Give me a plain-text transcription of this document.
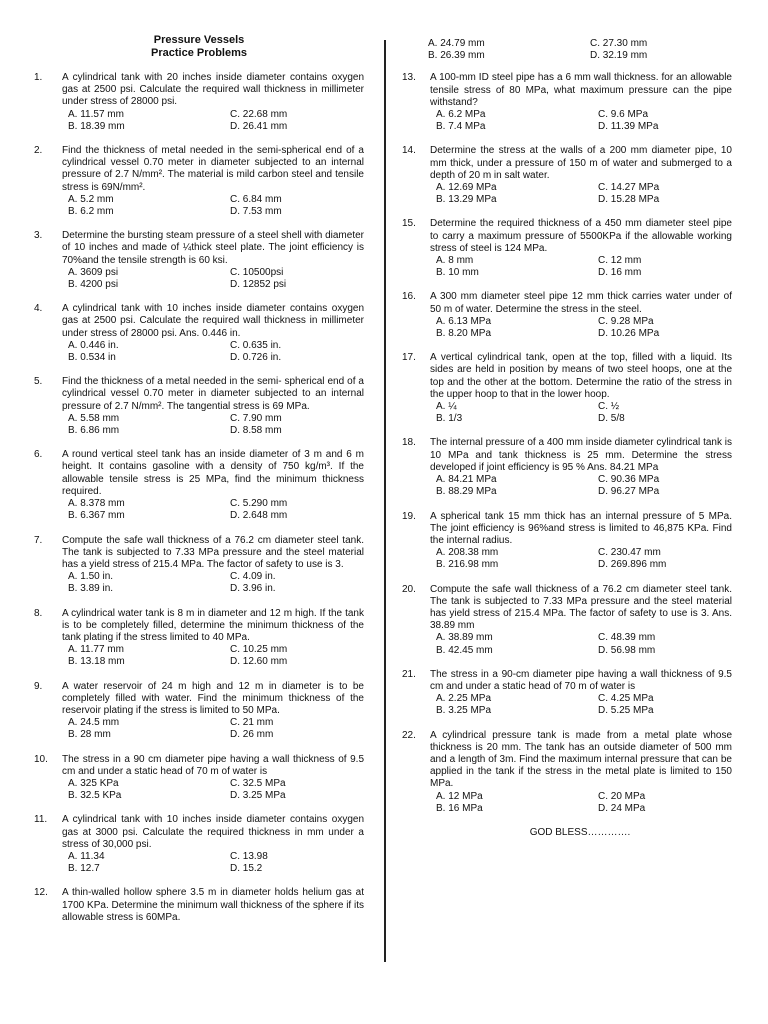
Pressure Vessels
Practice Problems
1.	A cylindrical tank with 20 inches inside diameter contains oxygen gas at 2500 psi. Calculate the required wall thickness in millimeter under stress of 28000 psi.
A. 11.57 mm	C. 22.68 mm
B. 18.39 mm	D. 26.41 mm
2.	Find the thickness of metal needed in the semi-spherical end of a cylindrical vessel 0.70 meter in diameter subjected to an internal pressure of 2.7 N/mm². The material is mild carbon steel and tensile stress is 69N/mm².
A. 5.2 mm	C. 6.84 mm
B. 6.2 mm	D. 7.53 mm
3.	Determine the bursting steam pressure of a steel shell with diameter of 10 inches and made of ¼thick steel plate. The joint efficiency is 70%and the tensile strength is 60 ksi.
A. 3609 psi	C. 10500psi
B. 4200 psi	D. 12852 psi
4.	A cylindrical tank with 10 inches inside diameter contains oxygen gas at 2500 psi. Calculate the required wall thickness in millimeter under stress of 28000 psi. Ans. 0.446 in.
A. 0.446 in.	C. 0.635 in.
B. 0.534 in	D. 0.726 in.
5.	Find the thickness of a metal needed in the semi- spherical end of a cylindrical vessel 0.70 meter in diameter subjected to an internal pressure of 2.7 N/mm². The tangential stress is 69 MPa.
A. 5.58 mm	C. 7.90 mm
B. 6.86 mm	D. 8.58 mm
6.	A round vertical steel tank has an inside diameter of 3 m and 6 m height. It contains gasoline with a density of 750 kg/m³. If the allowable tensile stress is 25 MPa, find the minimum thickness required.
A. 8.378 mm	C. 5.290 mm
B. 6.367 mm	D. 2.648 mm
7.	Compute the safe wall thickness of a 76.2 cm diameter steel tank. The tank is subjected to 7.33 MPa pressure and the steel material has a yield stress of 215.4 MPa. The factor of safety to use is 3.
A. 1.50 in.	C. 4.09 in.
B. 3.89 in.	D. 3.96 in.
8.	A cylindrical water tank is 8 m in diameter and 12 m high. If the tank is to be completely filled, determine the minimum thickness of the tank plating if the stress limited to 40 MPa.
A. 11.77 mm	C. 10.25 mm
B. 13.18 mm	D. 12.60 mm
9.	A water reservoir of 24 m high and 12 m in diameter is to be completely filled with water. Find the minimum thickness of the reservoir plating if the stress is limited to 50 MPa.
A. 24.5 mm	C. 21 mm
B. 28 mm	D. 26 mm
10.	The stress in a 90 cm diameter pipe having a wall thickness of 9.5 cm and under a static head of 70 m of water is
A. 325 KPa	C. 32.5 MPa
B. 32.5 KPa	D. 3.25 MPa
11.	A cylindrical tank with 10 inches inside diameter contains oxygen gas at 3000 psi. Calculate the required thickness in mm under a stress of 30,000 psi.
A. 11.34	C. 13.98
B. 12.7	D. 15.2
12.	A thin-walled hollow sphere 3.5 m in diameter holds helium gas at 1700 KPa. Determine the minimum wall thickness of the sphere if its allowable stress is 60MPa.
A. 24.79 mm	C. 27.30 mm
B. 26.39 mm	D. 32.19 mm
13.	A 100-mm ID steel pipe has a 6 mm wall thickness. for an allowable tensile stress of 80 MPa, what maximum pressure can the pipe withstand?
A. 6.2 MPa	C. 9.6 MPa
B. 7.4 MPa	D. 11.39 MPa
14.	Determine the stress at the walls of a 200 mm diameter pipe, 10 mm thick, under a pressure of 150 m of water and submerged to a depth of 20 m in salt water.
A. 12.69 MPa	C. 14.27 MPa
B. 13.29 MPa	D. 15.28 MPa
15.	Determine the required thickness of a 450 mm diameter steel pipe to carry a maximum pressure of 5500KPa if the allowable working stress of steel is 124 MPa.
A. 8 mm	C. 12 mm
B. 10 mm	D. 16 mm
16.	A 300 mm diameter steel pipe 12 mm thick carries water under of 50 m of water. Determine the stress in the steel.
A. 6.13 MPa	C. 9.28 MPa
B. 8.20 MPa	D. 10.26 MPa
17.	A vertical cylindrical tank, open at the top, filled with a liquid. Its sides are held in position by means of two steel hoops, one at the top and the other at the bottom. Determine the ratio of the stress in the upper hoop to that in the lower hoop.
A. ¼	C. ½
B. 1/3	D. 5/8
18.	The internal pressure of a 400 mm inside diameter cylindrical tank is 10 MPa and tank thickness is 25 mm. Determine the stress developed if joint efficiency is 95 % Ans. 84.21 MPa
A. 84.21 MPa	C. 90.36 MPa
B. 88.29 MPa	D. 96.27 MPa
19.	A spherical tank 15 mm thick has an internal pressure of 5 MPa. The joint efficiency is 96%and stress is limited to 46,875 KPa. Find the internal radius.
A. 208.38 mm	C. 230.47 mm
B. 216.98 mm	D. 269.896 mm
20.	Compute the safe wall thickness of a 76.2 cm diameter steel tank. The tank is subjected to 7.33 MPa pressure and the steel material has yield stress of 215.4 MPa. The factor of safety to use is 3. Ans. 38.89 mm
A. 38.89 mm	C. 48.39 mm
B. 42.45 mm	D. 56.98 mm
21.	The stress in a 90-cm diameter pipe having a wall thickness of 9.5 cm and under a static head of 70 m of water is
A. 2.25 MPa	C. 4.25 MPa
B. 3.25 MPa	D. 5.25 MPa
22.	A cylindrical pressure tank is made from a metal plate whose thickness is 20 mm. The tank has an outside diameter of 500 mm and a length of 3m. Find the maximum internal pressure that can be applied in the tank if the stress in the metal plate is limited to 150 MPa.
A. 12 MPa	C. 20 MPa
B. 16 MPa	D. 24 MPa
GOD BLESS………….
